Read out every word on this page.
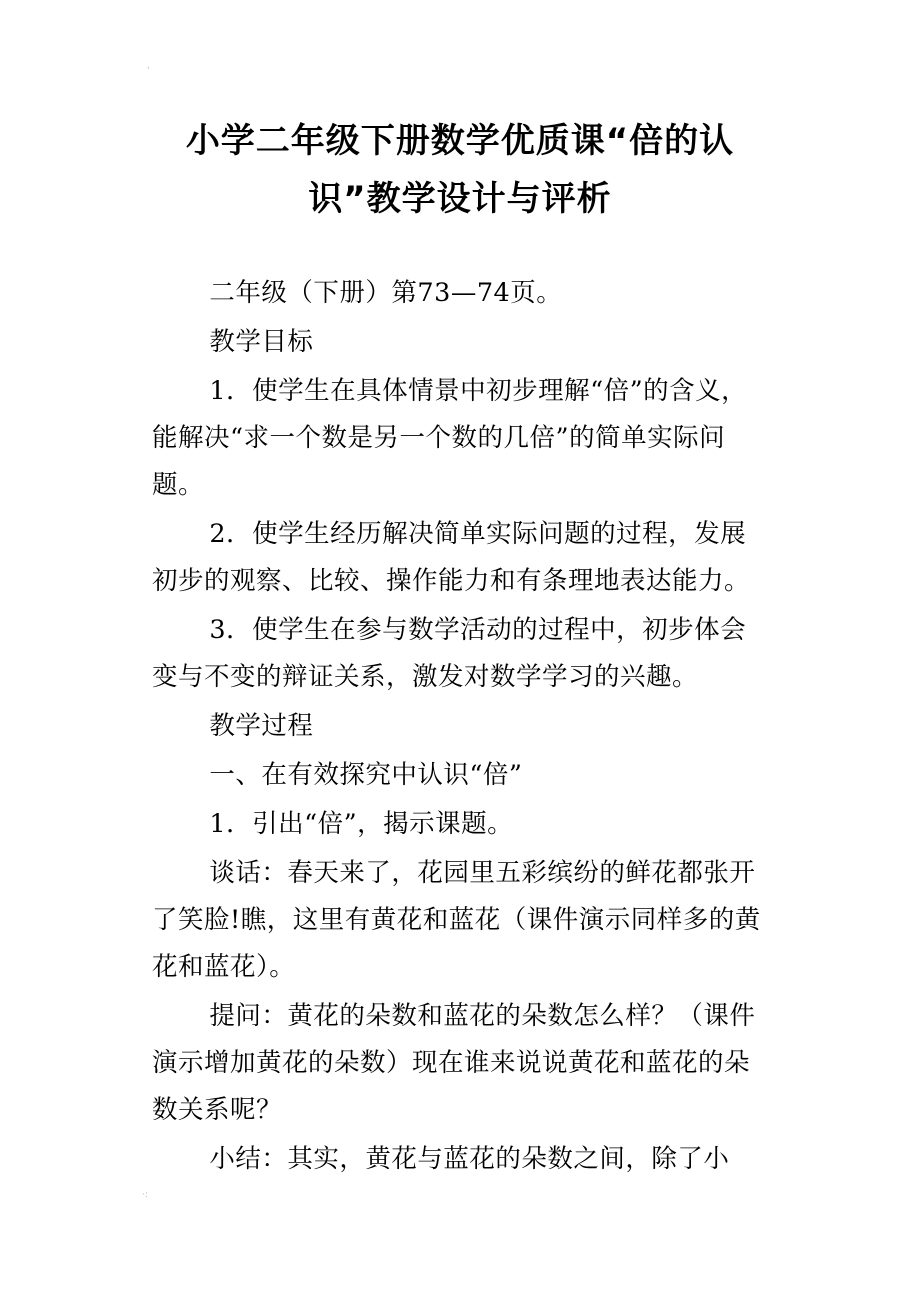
'
小学二年级下册数学优质课“倍的认识”教学设计与评析

二年级（下册）第73—74页。

教学目标

1．使学生在具体情景中初步理解“倍”的含义，能解决“求一个数是另一个数的几倍”的简单实际问题。

2．使学生经历解决简单实际问题的过程，发展初步的观察、比较、操作能力和有条理地表达能力。

3．使学生在参与数学活动的过程中，初步体会变与不变的辩证关系，激发对数学学习的兴趣。

教学过程

一、在有效探究中认识“倍”

1．引出“倍”，揭示课题。

谈话：春天来了，花园里五彩缤纷的鲜花都张开了笑脸!瞧，这里有黄花和蓝花（课件演示同样多的黄花和蓝花）。

提问：黄花的朵数和蓝花的朵数怎么样？（课件演示增加黄花的朵数）现在谁来说说黄花和蓝花的朵数关系呢？

小结：其实，黄花与蓝花的朵数之间，除了小

·:
